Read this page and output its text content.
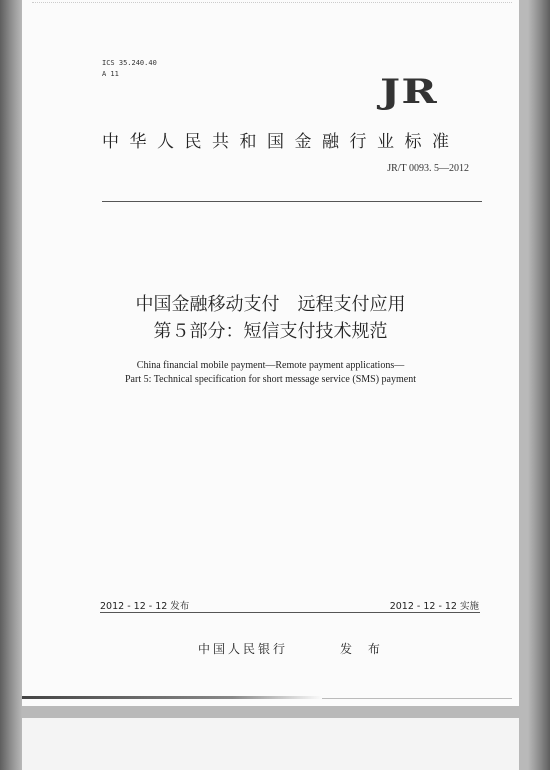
ICS 35.240.40
A 11	JR
中华人民共和国金融行业标准
JR/T 0093. 5—2012
中国金融移动支付　远程支付应用
第５部分：短信支付技术规范
China financial mobile payment—Remote payment applications—
Part 5: Technical specification for short message service (SMS) payment
2012 - 12 - 12 发布	2012 - 12 - 12 实施
中国人民银行	发 布
